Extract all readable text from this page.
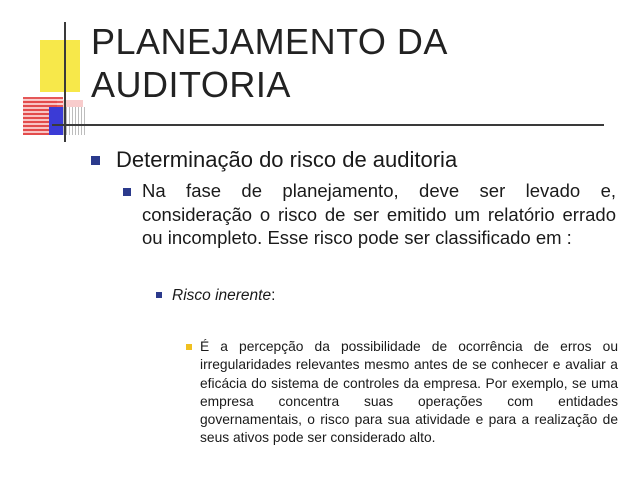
PLANEJAMENTO DA AUDITORIA
Determinação do risco de auditoria
Na fase de planejamento, deve ser levado e, consideração o risco de ser emitido um relatório errado ou incompleto. Esse risco pode ser classificado em :
Risco inerente:
É a percepção da possibilidade de ocorrência de erros ou irregularidades relevantes mesmo antes de se conhecer e avaliar a eficácia do sistema de controles da empresa. Por exemplo, se uma empresa concentra suas operações com entidades governamentais, o risco para sua atividade e para a realização de seus ativos pode ser considerado alto.
